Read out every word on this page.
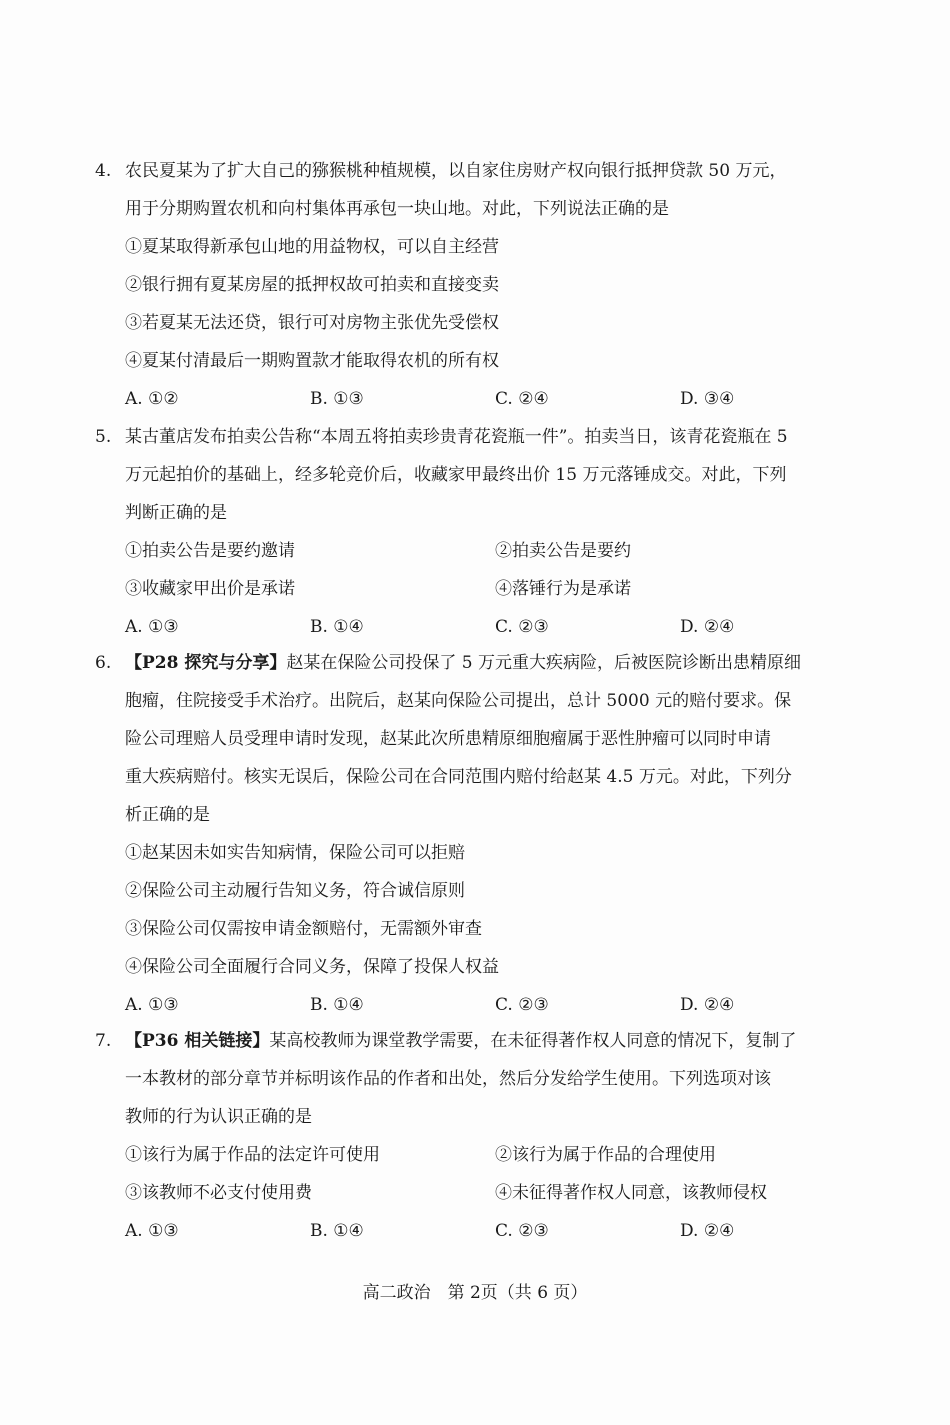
4. 农民夏某为了扩大自己的猕猴桃种植规模，以自家住房财产权向银行抵押贷款 50 万元，
用于分期购置农机和向村集体再承包一块山地。对此，下列说法正确的是
①夏某取得新承包山地的用益物权，可以自主经营
②银行拥有夏某房屋的抵押权故可拍卖和直接变卖
③若夏某无法还贷，银行可对房物主张优先受偿权
④夏某付清最后一期购置款才能取得农机的所有权
A. ①②	B. ①③	C. ②④	D. ③④
5. 某古董店发布拍卖公告称“本周五将拍卖珍贵青花瓷瓶一件”。拍卖当日，该青花瓷瓶在 5
万元起拍价的基础上，经多轮竞价后，收藏家甲最终出价 15 万元落锤成交。对此，下列
判断正确的是
①拍卖公告是要约邀请	②拍卖公告是要约
③收藏家甲出价是承诺	④落锤行为是承诺
A. ①③	B. ①④	C. ②③	D. ②④
6. 【P28 探究与分享】赵某在保险公司投保了 5 万元重大疾病险，后被医院诊断出患精原细
胞瘤，住院接受手术治疗。出院后，赵某向保险公司提出，总计 5000 元的赔付要求。保
险公司理赔人员受理申请时发现，赵某此次所患精原细胞瘤属于恶性肿瘤可以同时申请
重大疾病赔付。核实无误后，保险公司在合同范围内赔付给赵某 4.5 万元。对此，下列分
析正确的是
①赵某因未如实告知病情，保险公司可以拒赔
②保险公司主动履行告知义务，符合诚信原则
③保险公司仅需按申请金额赔付，无需额外审查
④保险公司全面履行合同义务，保障了投保人权益
A. ①③	B. ①④	C. ②③	D. ②④
7. 【P36 相关链接】某高校教师为课堂教学需要，在未征得著作权人同意的情况下，复制了
一本教材的部分章节并标明该作品的作者和出处，然后分发给学生使用。下列选项对该
教师的行为认识正确的是
①该行为属于作品的法定许可使用	②该行为属于作品的合理使用
③该教师不必支付使用费	④未征得著作权人同意，该教师侵权
A. ①③	B. ①④	C. ②③	D. ②④
高二政治　第 2页（共 6 页）
